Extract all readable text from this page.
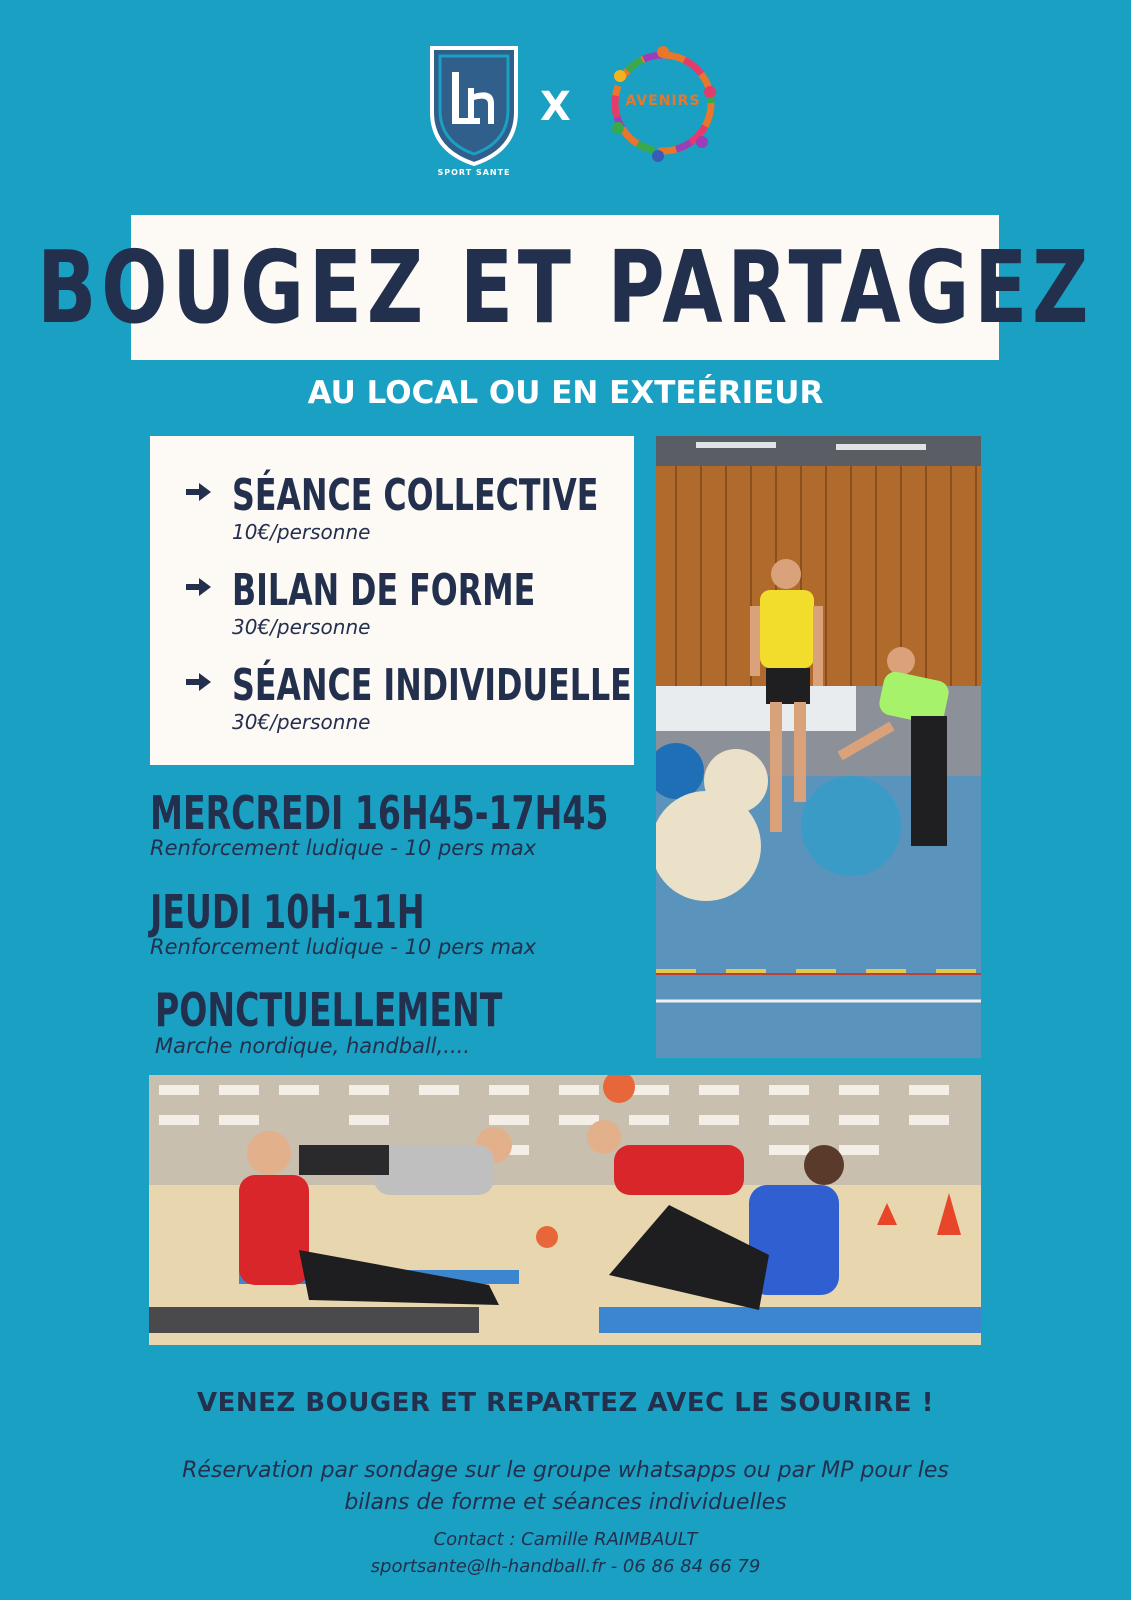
SPORT SANTE
X	AVENIRS
BOUGEZ ET PARTAGEZ
AU LOCAL OU EN EXTEÉRIEUR
SÉANCE COLLECTIVE
10€/personne
BILAN DE FORME
30€/personne
SÉANCE INDIVIDUELLE
30€/personne
MERCREDI 16H45-17H45
Renforcement ludique - 10 pers max
JEUDI 10H-11H
Renforcement ludique - 10 pers max
PONCTUELLEMENT
Marche nordique, handball,....
VENEZ BOUGER ET REPARTEZ AVEC LE SOURIRE !
Réservation par sondage sur le groupe whatsapps ou par MP pour les
bilans de forme et séances individuelles
Contact : Camille RAIMBAULT
sportsante@lh-handball.fr - 06 86 84 66 79
